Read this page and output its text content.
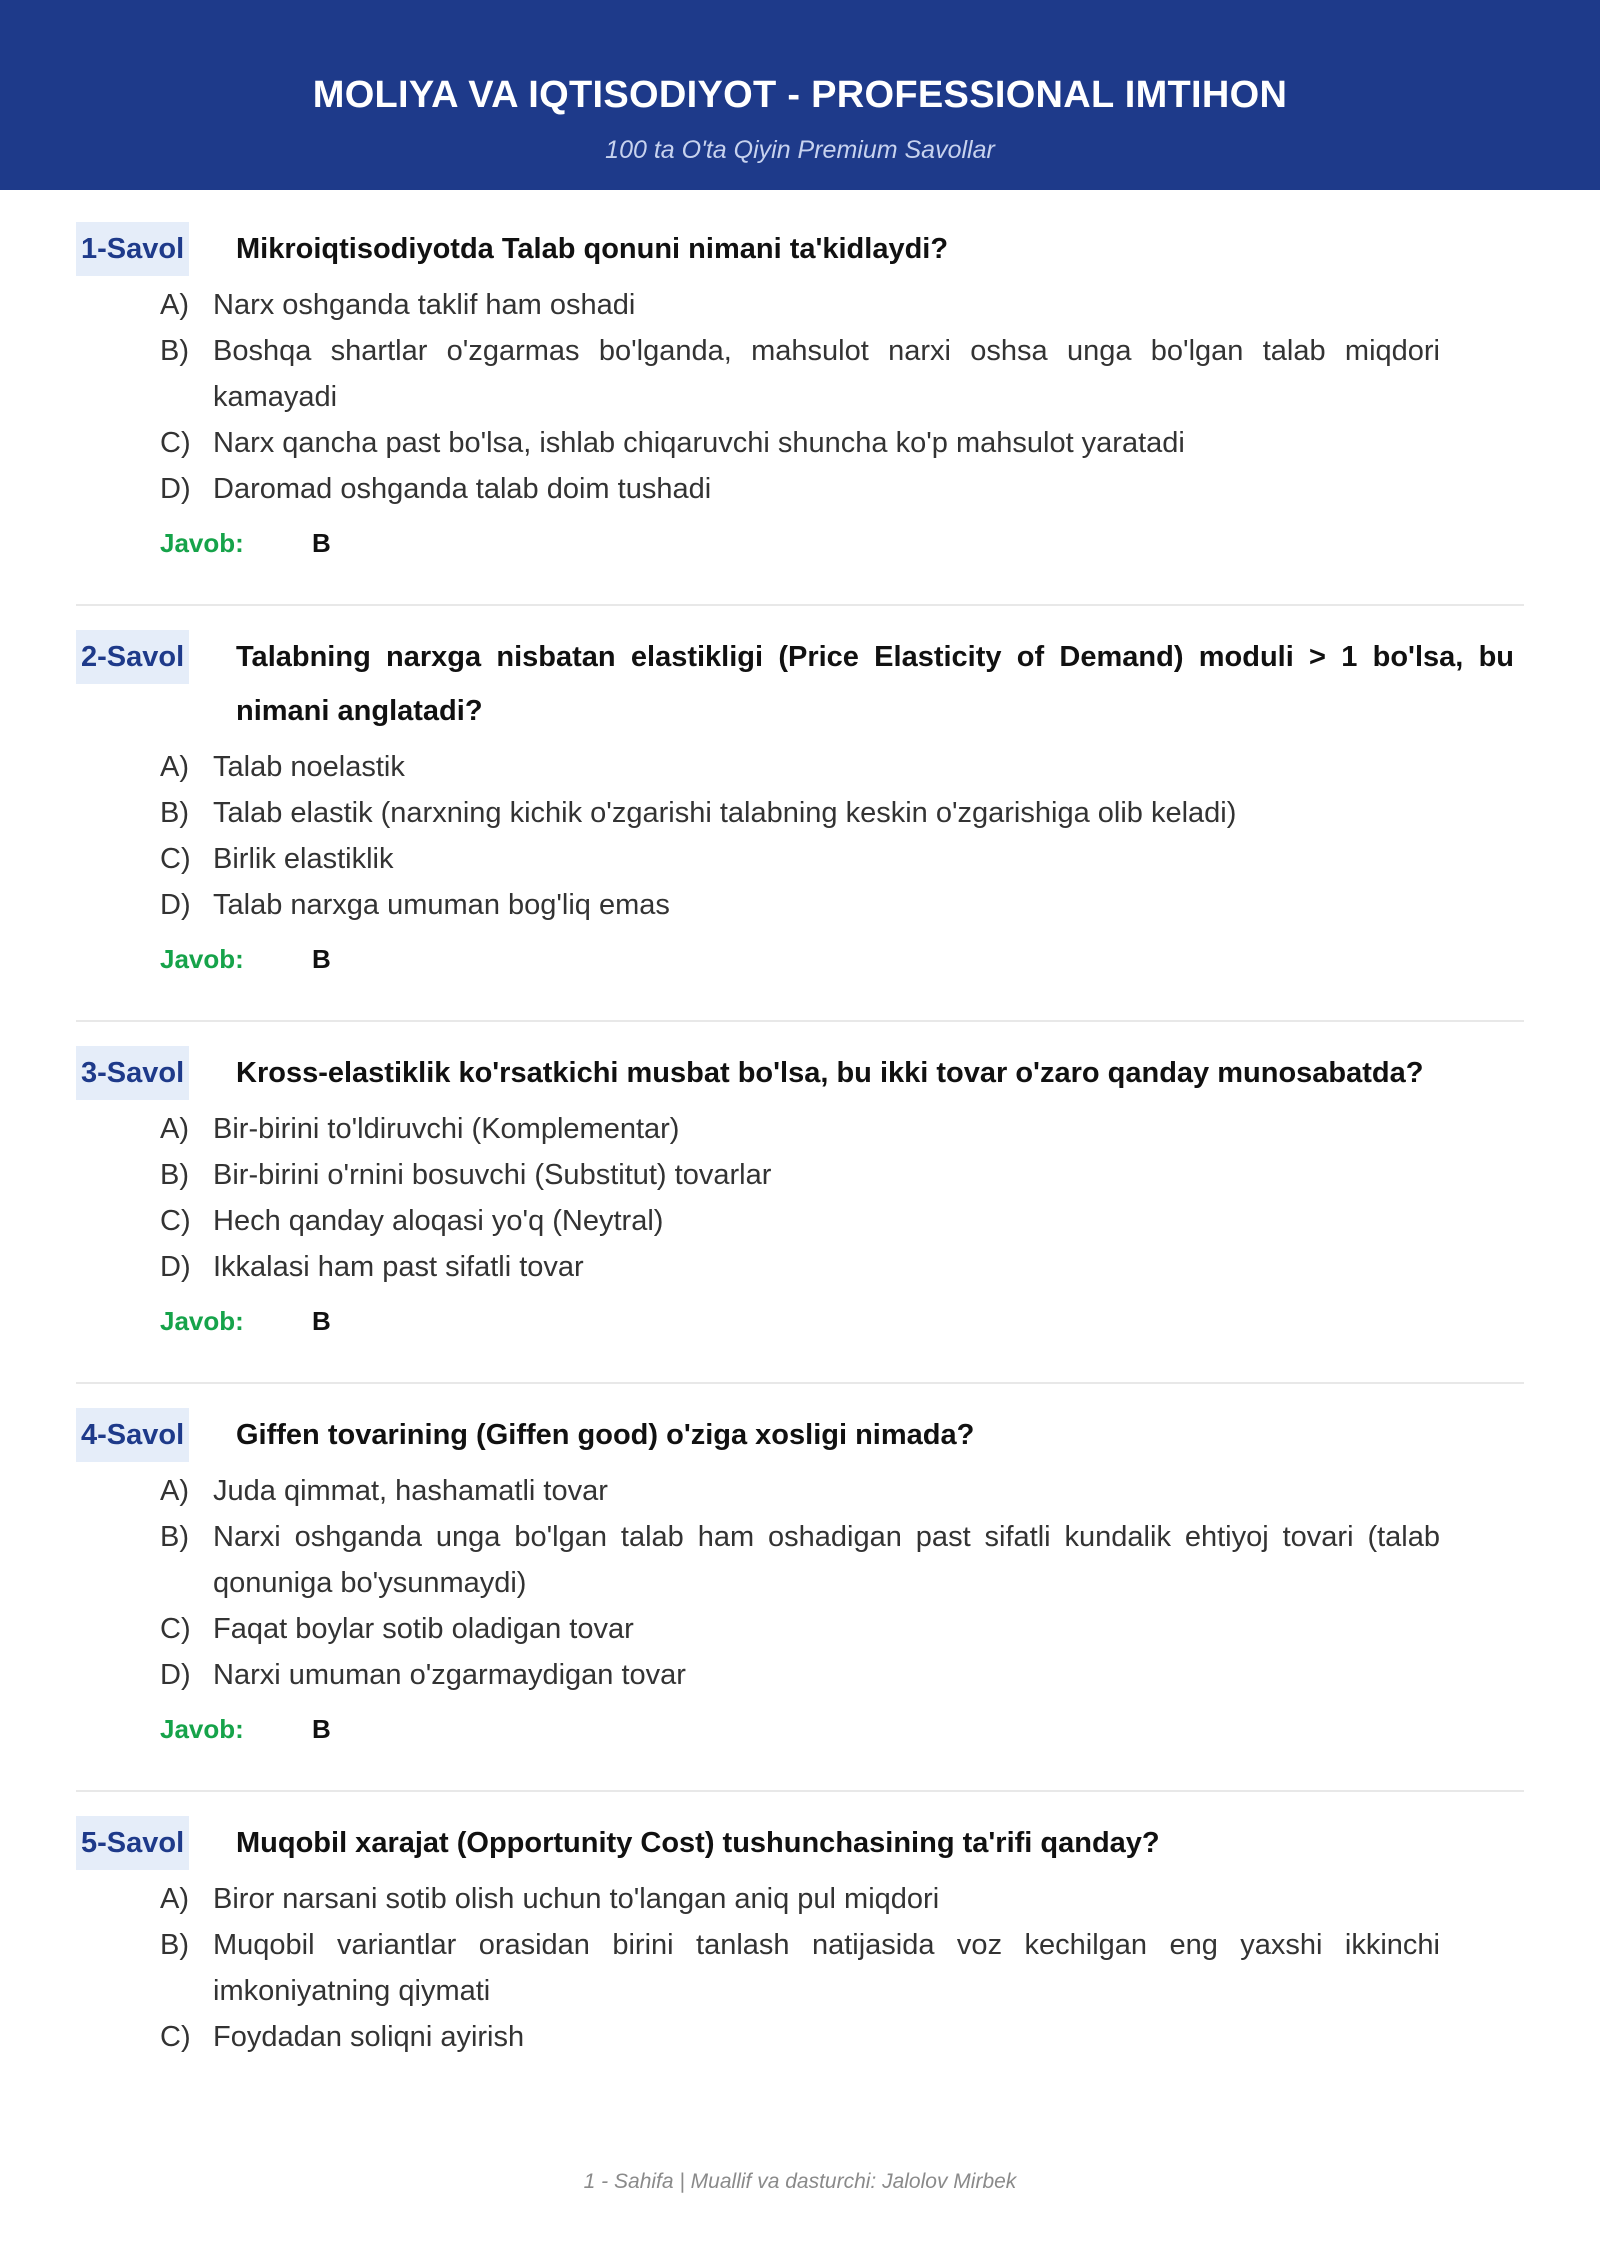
MOLIYA VA IQTISODIYOT - PROFESSIONAL IMTIHON
100 ta O'ta Qiyin Premium Savollar
1-Savol Mikroiqtisodiyotda Talab qonuni nimani ta'kidlaydi?
A) Narx oshganda taklif ham oshadi
B) Boshqa shartlar o'zgarmas bo'lganda, mahsulot narxi oshsa unga bo'lgan talab miqdori kamayadi
C) Narx qancha past bo'lsa, ishlab chiqaruvchi shuncha ko'p mahsulot yaratadi
D) Daromad oshganda talab doim tushadi
Javob:	B
2-Savol Talabning narxga nisbatan elastikligi (Price Elasticity of Demand) moduli > 1 bo'lsa, bu nimani anglatadi?
A) Talab noelastik
B) Talab elastik (narxning kichik o'zgarishi talabning keskin o'zgarishiga olib keladi)
C) Birlik elastiklik
D) Talab narxga umuman bog'liq emas
Javob:	B
3-Savol Kross-elastiklik ko'rsatkichi musbat bo'lsa, bu ikki tovar o'zaro qanday munosabatda?
A) Bir-birini to'ldiruvchi (Komplementar)
B) Bir-birini o'rnini bosuvchi (Substitut) tovarlar
C) Hech qanday aloqasi yo'q (Neytral)
D) Ikkalasi ham past sifatli tovar
Javob:	B
4-Savol Giffen tovarining (Giffen good) o'ziga xosligi nimada?
A) Juda qimmat, hashamatli tovar
B) Narxi oshganda unga bo'lgan talab ham oshadigan past sifatli kundalik ehtiyoj tovari (talab qonuniga bo'ysunmaydi)
C) Faqat boylar sotib oladigan tovar
D) Narxi umuman o'zgarmaydigan tovar
Javob:	B
5-Savol Muqobil xarajat (Opportunity Cost) tushunchasining ta'rifi qanday?
A) Biror narsani sotib olish uchun to'langan aniq pul miqdori
B) Muqobil variantlar orasidan birini tanlash natijasida voz kechilgan eng yaxshi ikkinchi imkoniyatning qiymati
C) Foydadan soliqni ayirish
1 - Sahifa | Muallif va dasturchi: Jalolov Mirbek
